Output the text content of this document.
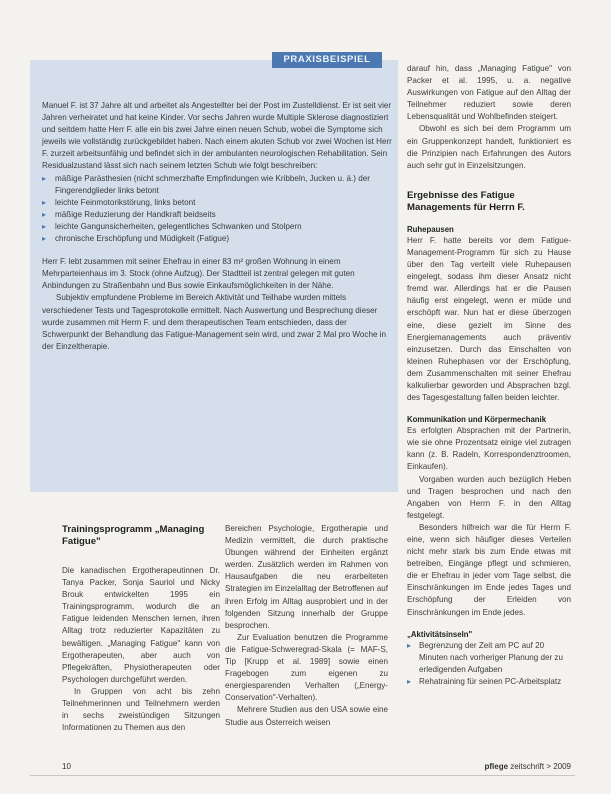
PRAXISBEISPIEL

Manuel F. ist 37 Jahre alt und arbeitet als Angestellter bei der Post im Zustelldienst. Er ist seit vier Jahren verheiratet und hat keine Kinder. Vor sechs Jahren wurde Multiple Sklerose diagnostiziert und seitdem hatte Herr F. alle ein bis zwei Jahre einen neuen Schub, wobei die Symptome sich jeweils wie vollständig zurückgebildet haben. Nach einem akuten Schub vor zwei Wochen ist Herr F. zurzeit arbeitsunfähig und befindet sich in der ambulanten neurologischen Rehabilitation. Sein Residualzustand lässt sich nach seinem letzten Schub wie folgt beschreiben:

▸ mäßige Parästhesien (nicht schmerzhafte Empfindungen wie Kribbeln, Jucken u. ä.) der Fingerendglieder links betont
▸ leichte Feinmotorikstörung, links betont
▸ mäßige Reduzierung der Handkraft beidseits
▸ leichte Gangunsicherheiten, gelegentliches Schwanken und Stolpern
▸ chronische Erschöpfung und Müdigkeit (Fatigue)

Herr F. lebt zusammen mit seiner Ehefrau in einer 83 m² großen Wohnung in einem Mehrparteienhaus im 3. Stock (ohne Aufzug). Der Stadtteil ist zentral gelegen mit guten Anbindungen zu Straßenbahn und Bus sowie Einkaufsmöglichkeiten in der Nähe.

Subjektiv empfundene Probleme im Bereich Aktivität und Teilhabe wurden mittels verschiedener Tests und Tagesprotokolle ermittelt. Nach Auswertung und Besprechung dieser wurde zusammen mit Herrn F. und dem therapeutischen Team entschieden, dass der Schwerpunkt der Behandlung das Fatigue-Management sein wird, und zwar 2 Mal pro Woche in der Einzeltherapie.

Trainingsprogramm „Managing Fatigue"

Die kanadischen Ergotherapeutinnen Dr. Tanya Packer, Sonja Sauriol und Nicky Brouk entwickelten 1995 ein Trainingsprogramm, wodurch die an Fatigue leidenden Menschen lernen, ihren Alltag trotz reduzierter Kapazitäten zu bewältigen. „Managing Fatigue" kann von Ergotherapeuten, aber auch von Pflegekräften, Physiotherapeuten oder Psychologen durchgeführt werden.

In Gruppen von acht bis zehn Teilnehmerinnen und Teilnehmern werden in sechs zweistündigen Sitzungen Informationen zu Themen aus den

Bereichen Psychologie, Ergotherapie und Medizin vermittelt, die durch praktische Übungen während der Einheiten ergänzt werden. Zusätzlich werden im Rahmen von Hausaufgaben die neu erarbeiteten Strategien im Einzelalltag der Betroffenen auf ihren Erfolg im Alltag ausprobiert und in der folgenden Sitzung innerhalb der Gruppe besprochen.

Zur Evaluation benutzen die Programme die Fatigue-Schweregrad-Skala (= MAF-S, Tip [Krupp et al. 1989] sowie einen Fragebogen zum eigenen zu energiesparenden Verhalten („Energy-Conservation"-Verhalten).

Mehrere Studien aus den USA sowie eine Studie aus Österreich weisen

darauf hin, dass „Managing Fatigue" von Packer et al. 1995, u. a. negative Auswirkungen von Fatigue auf den Alltag der Teilnehmer reduziert sowie deren Lebensqualität und Wohlbefinden steigert.

Obwohl es sich bei dem Programm um ein Gruppenkonzept handelt, funktioniert es die Prinzipien nach Erfahrungen des Autors auch sehr gut in Einzelsitzungen.

Ergebnisse des Fatigue Managements für Herrn F.
Ruhepausen

Herr F. hatte bereits vor dem Fatigue-Management-Programm für sich zu Hause über den Tag verteilt viele Ruhepausen eingelegt, sodass ihm dieser Ansatz nicht fremd war. Allerdings hat er die Pausen häufig erst eingelegt, wenn er müde und erschöpft war. Nun hat er diese überzogen eine, diese gezielt im Sinne des Energiemanagements auch präventiv einzusetzen. Durch das Einschalten von kleinen Ruhephasen vor der Erschöpfung, dem Zusammenschalten mit seiner Ehefrau kalkulierbar geworden und Absprachen bzgl. des Tagesgestaltung fallen beiden leichter.

Kommunikation und Körpermechanik

Es erfolgten Absprachen mit der Partnerin, wie sie ohne Prozentsatz einige viel zutragen kann (z. B. Radeln, Korrespondenztroomen, Einkaufen).

Vorgaben wurden auch bezüglich Heben und Tragen besprochen und nach den Angaben von Herrn F. in den Alltag festgelegt.

Besonders hilfreich war die für Herrn F. eine, wenn sich häufiger dieses Verteilen nicht mehr stark bis zum Ende etwas mit betreiben, Eingänge pflegt und schmieren, die er Ehefrau in jeder vom Tage selbst, die Einschränkungen im Ende jedes Tages und Erschöpfung der Erleiden von Einschränkungen im Ende jedes.

„Aktivitätsinseln"
▸ Begrenzung der Zeit am PC auf 20 Minuten nach vorheriger Planung der zu erledigenden Aufgaben
▸ Rehatraining für seinen PC-Arbeitsplatz
10	pflege zeitschrift > 2009
